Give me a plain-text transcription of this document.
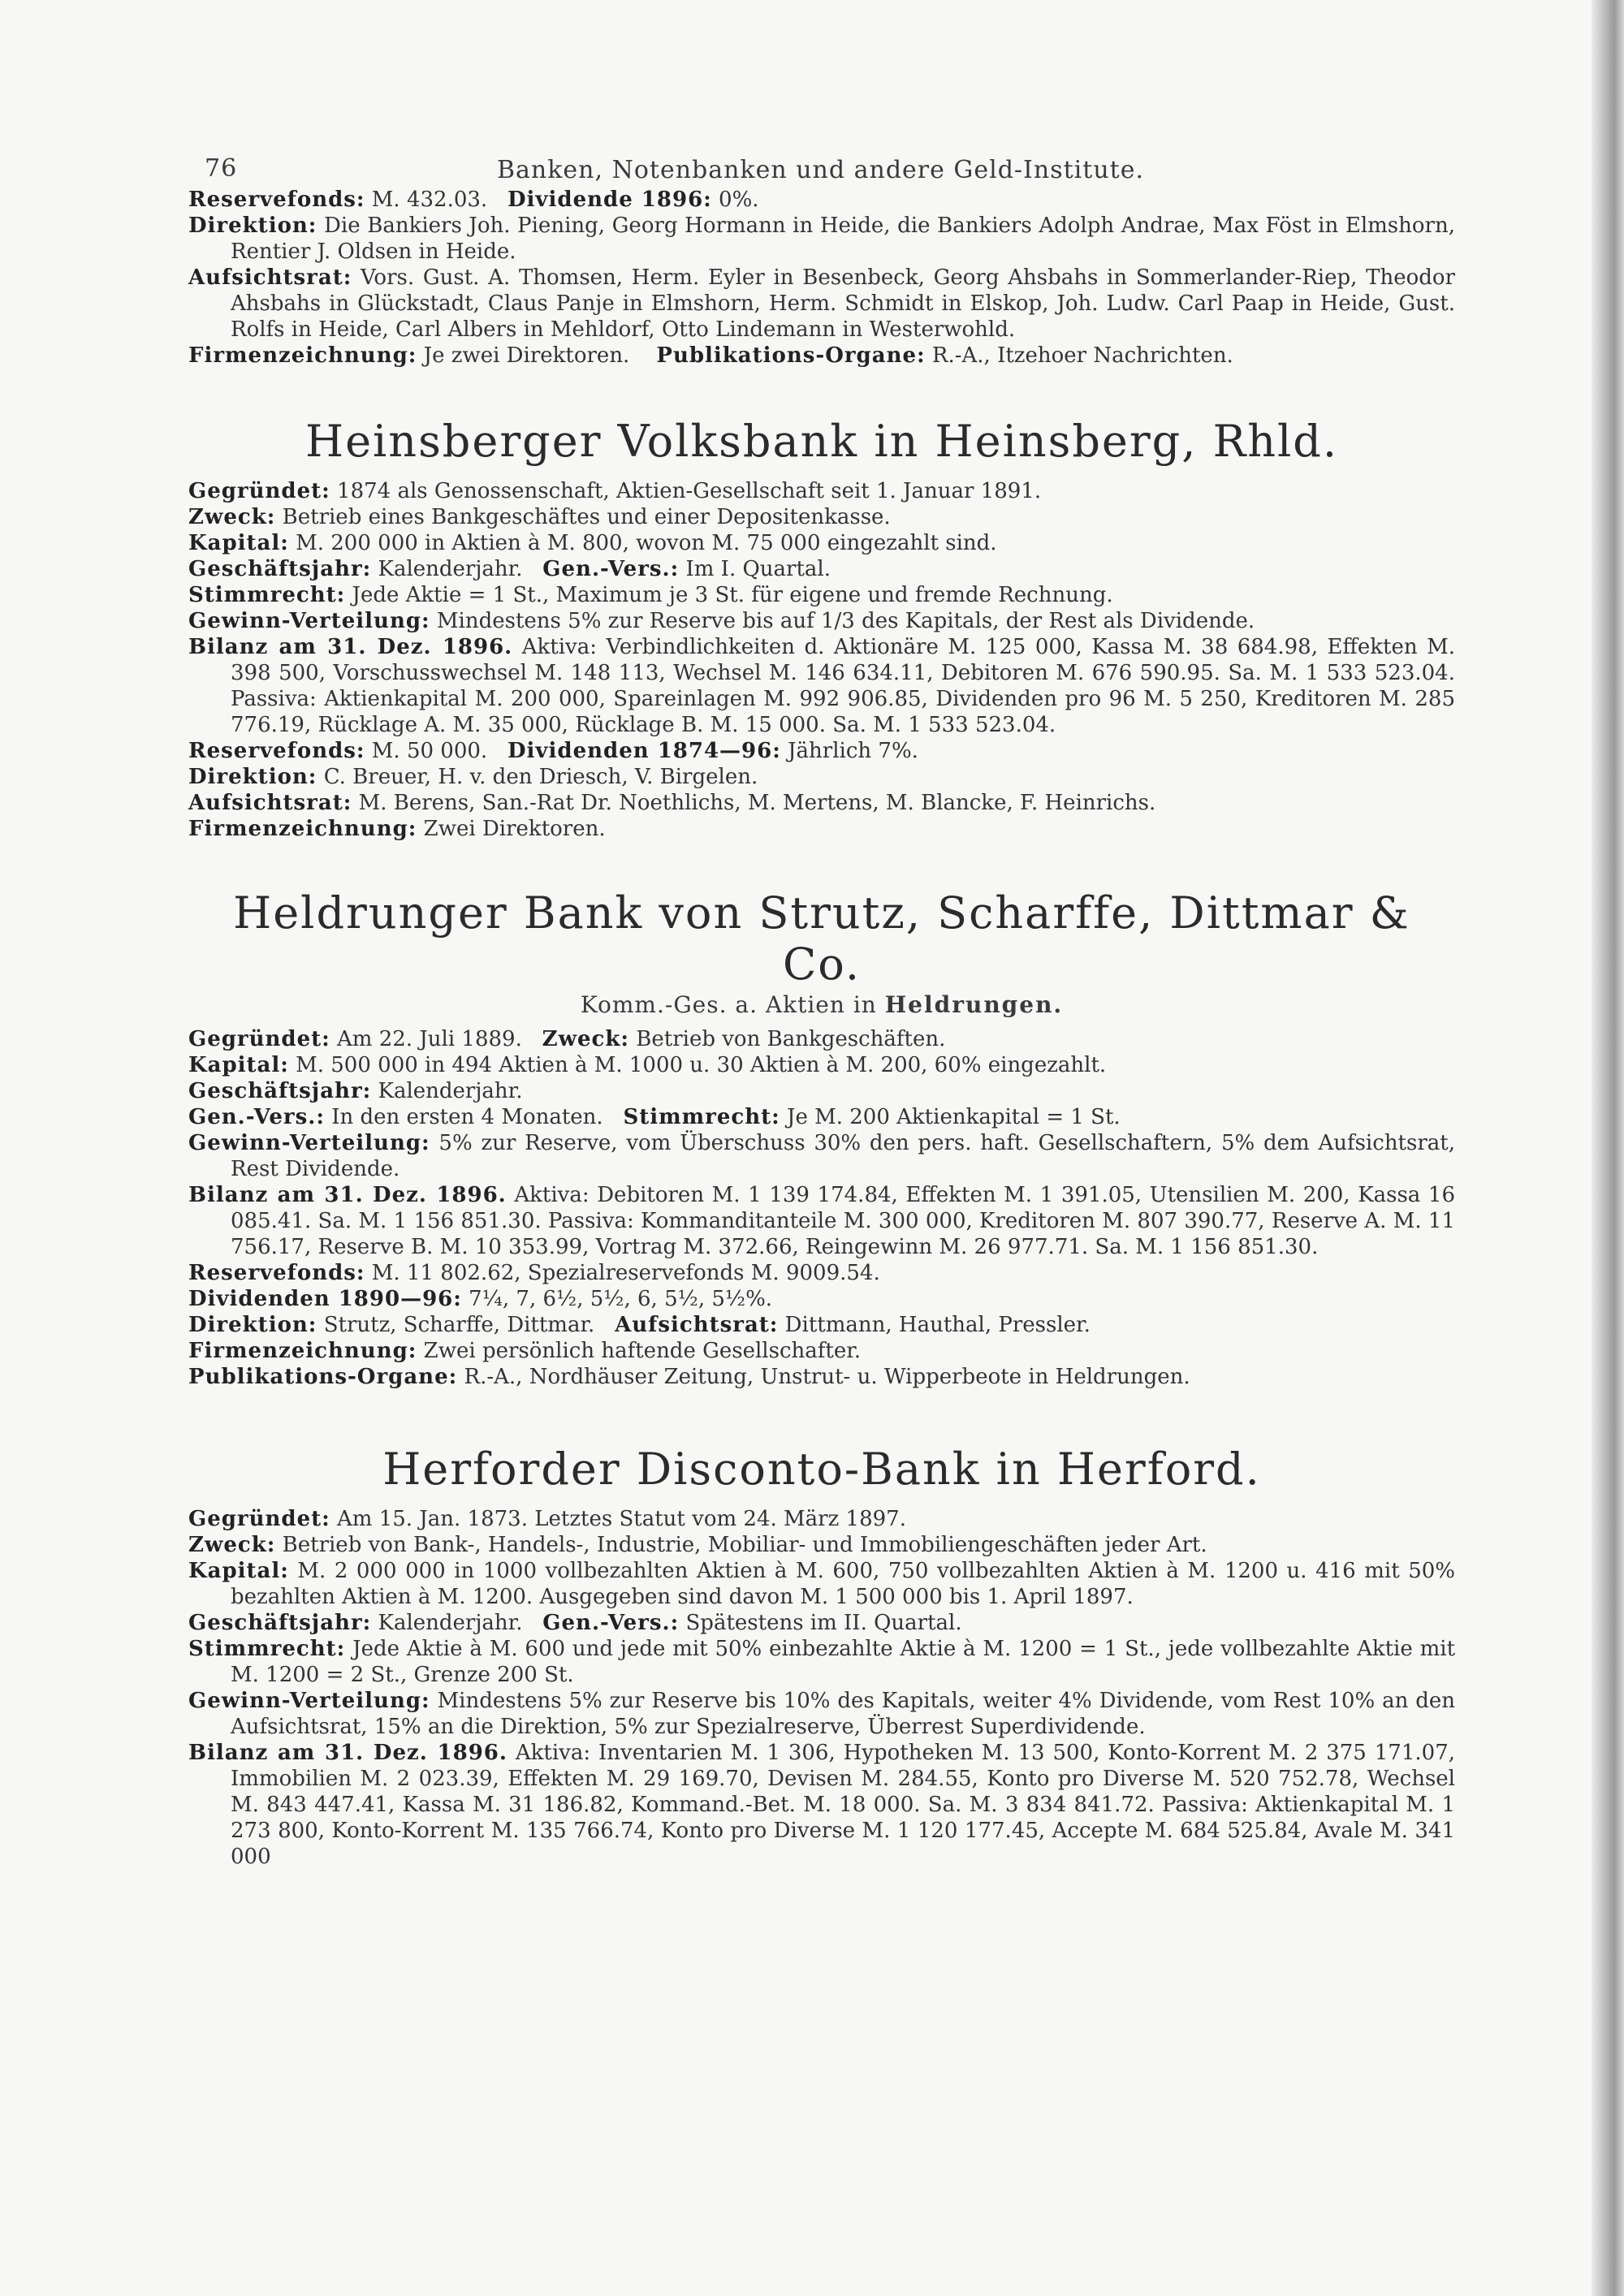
76	Banken, Notenbanken und andere Geld-Institute.

Reservefonds: M. 432.03. Dividende 1896: 0%.

Direktion: Die Bankiers Joh. Piening, Georg Hormann in Heide, die Bankiers Adolph Andrae, Max Föst in Elmshorn, Rentier J. Oldsen in Heide.

Aufsichtsrat: Vors. Gust. A. Thomsen, Herm. Eyler in Besenbeck, Georg Ahsbahs in Sommerlander-Riep, Theodor Ahsbahs in Glückstadt, Claus Panje in Elmshorn, Herm. Schmidt in Elskop, Joh. Ludw. Carl Paap in Heide, Gust. Rolfs in Heide, Carl Albers in Mehldorf, Otto Lindemann in Westerwohld.

Firmenzeichnung: Je zwei Direktoren. Publikations-Organe: R.-A., Itzehoer Nachrichten.

Heinsberger Volksbank in Heinsberg, Rhld.

Gegründet: 1874 als Genossenschaft, Aktien-Gesellschaft seit 1. Januar 1891.

Zweck: Betrieb eines Bankgeschäftes und einer Depositenkasse.

Kapital: M. 200 000 in Aktien à M. 800, wovon M. 75 000 eingezahlt sind.

Geschäftsjahr: Kalenderjahr. Gen.-Vers.: Im I. Quartal.

Stimmrecht: Jede Aktie = 1 St., Maximum je 3 St. für eigene und fremde Rechnung.

Gewinn-Verteilung: Mindestens 5% zur Reserve bis auf 1/3 des Kapitals, der Rest als Dividende.

Bilanz am 31. Dez. 1896. Aktiva: Verbindlichkeiten d. Aktionäre M. 125 000, Kassa M. 38 684.98, Effekten M. 398 500, Vorschusswechsel M. 148 113, Wechsel M. 146 634.11, Debitoren M. 676 590.95. Sa. M. 1 533 523.04. Passiva: Aktienkapital M. 200 000, Spareinlagen M. 992 906.85, Dividenden pro 96 M. 5 250, Kreditoren M. 285 776.19, Rücklage A. M. 35 000, Rücklage B. M. 15 000. Sa. M. 1 533 523.04.

Reservefonds: M. 50 000. Dividenden 1874—96: Jährlich 7%.

Direktion: C. Breuer, H. v. den Driesch, V. Birgelen.

Aufsichtsrat: M. Berens, San.-Rat Dr. Noethlichs, M. Mertens, M. Blancke, F. Heinrichs.

Firmenzeichnung: Zwei Direktoren.

Heldrunger Bank von Strutz, Scharffe, Dittmar & Co.
Komm.-Ges. a. Aktien in Heldrungen.

Gegründet: Am 22. Juli 1889. Zweck: Betrieb von Bankgeschäften.

Kapital: M. 500 000 in 494 Aktien à M. 1000 u. 30 Aktien à M. 200, 60% eingezahlt.

Geschäftsjahr: Kalenderjahr.

Gen.-Vers.: In den ersten 4 Monaten. Stimmrecht: Je M. 200 Aktienkapital = 1 St.

Gewinn-Verteilung: 5% zur Reserve, vom Überschuss 30% den pers. haft. Gesellschaftern, 5% dem Aufsichtsrat, Rest Dividende.

Bilanz am 31. Dez. 1896. Aktiva: Debitoren M. 1 139 174.84, Effekten M. 1 391.05, Utensilien M. 200, Kassa 16 085.41. Sa. M. 1 156 851.30. Passiva: Kommanditanteile M. 300 000, Kreditoren M. 807 390.77, Reserve A. M. 11 756.17, Reserve B. M. 10 353.99, Vortrag M. 372.66, Reingewinn M. 26 977.71. Sa. M. 1 156 851.30.

Reservefonds: M. 11 802.62, Spezialreservefonds M. 9009.54.

Dividenden 1890—96: 7¼, 7, 6½, 5½, 6, 5½, 5½%.

Direktion: Strutz, Scharffe, Dittmar. Aufsichtsrat: Dittmann, Hauthal, Pressler.

Firmenzeichnung: Zwei persönlich haftende Gesellschafter.

Publikations-Organe: R.-A., Nordhäuser Zeitung, Unstrut- u. Wipperbeote in Heldrungen.

Herforder Disconto-Bank in Herford.

Gegründet: Am 15. Jan. 1873. Letztes Statut vom 24. März 1897.

Zweck: Betrieb von Bank-, Handels-, Industrie, Mobiliar- und Immobiliengeschäften jeder Art.

Kapital: M. 2 000 000 in 1000 vollbezahlten Aktien à M. 600, 750 vollbezahlten Aktien à M. 1200 u. 416 mit 50% bezahlten Aktien à M. 1200. Ausgegeben sind davon M. 1 500 000 bis 1. April 1897.

Geschäftsjahr: Kalenderjahr. Gen.-Vers.: Spätestens im II. Quartal.

Stimmrecht: Jede Aktie à M. 600 und jede mit 50% einbezahlte Aktie à M. 1200 = 1 St., jede vollbezahlte Aktie mit M. 1200 = 2 St., Grenze 200 St.

Gewinn-Verteilung: Mindestens 5% zur Reserve bis 10% des Kapitals, weiter 4% Dividende, vom Rest 10% an den Aufsichtsrat, 15% an die Direktion, 5% zur Spezialreserve, Überrest Superdividende.

Bilanz am 31. Dez. 1896. Aktiva: Inventarien M. 1 306, Hypotheken M. 13 500, Konto-Korrent M. 2 375 171.07, Immobilien M. 2 023.39, Effekten M. 29 169.70, Devisen M. 284.55, Konto pro Diverse M. 520 752.78, Wechsel M. 843 447.41, Kassa M. 31 186.82, Kommand.-Bet. M. 18 000. Sa. M. 3 834 841.72. Passiva: Aktienkapital M. 1 273 800, Konto-Korrent M. 135 766.74, Konto pro Diverse M. 1 120 177.45, Accepte M. 684 525.84, Avale M. 341 000
